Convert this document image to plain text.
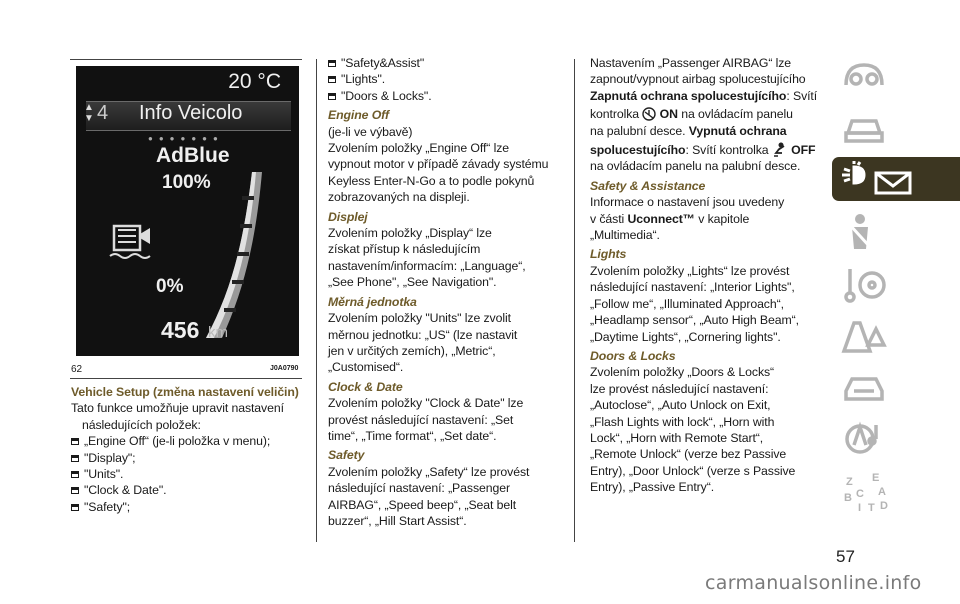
20 °C
▲
▼ 4 Info Veicolo
●●●●●●●
AdBlue
100%
0%
456 km
62	J0A0790

Vehicle Setup (změna nastavení veličin)

Tato funkce umožňuje upravit nastavení

následujících položek:

„Engine Off“ (je-li položka v menu);

"Display";

"Units".

"Clock & Date".

"Safety";

"Safety&Assist"

"Lights".

"Doors & Locks".

Engine Off

(je-li ve výbavě)

Zvolením položky „Engine Off“ lze

vypnout motor v případě závady systému

Keyless Enter-N-Go a to podle pokynů

zobrazovaných na displeji.

Displej

Zvolením položky „Display“ lze

získat přístup k následujícím

nastavením/informacím: „Language“,

„See Phone", „See Navigation".

Měrná jednotka

Zvolením položky "Units" lze zvolit

měrnou jednotku: „US“ (lze nastavit

jen v určitých zemích), „Metric“,

„Customised“.

Clock & Date

Zvolením položky "Clock & Date" lze

provést následující nastavení: „Set

time“, „Time format“, „Set date“.

Safety

Zvolením položky „Safety“ lze provést

následující nastavení: „Passenger

AIRBAG“, „Speed beep“, „Seat belt

buzzer“, „Hill Start Assist“.

Nastavením „Passenger AIRBAG“ lze

zapnout/vypnout airbag spolucestujícího

Zapnutá ochrana spolucestujícího: Svítí

kontrolka ON na ovládacím panelu

na palubní desce. Vypnutá ochrana

spolucestujícího: Svítí kontrolka OFF

na ovládacím panelu na palubní desce.

Safety & Assistance

Informace o nastavení jsou uvedeny

v části Uconnect™ v kapitole

„Multimedia“.

Lights

Zvolením položky „Lights“ lze provést

následující nastavení: „Interior Lights",

„Follow me“, „Illuminated Approach“,

„Headlamp sensor“, „Auto High Beam“,

„Daytime Lights“, „Cornering lights".

Doors & Locks

Zvolením položky „Doors & Locks“

lze provést následující nastavení:

„Autoclose“, „Auto Unlock on Exit,

„Flash Lights with lock“, „Horn with

Lock“, „Horn with Remote Start“,

„Remote Unlock“ (verze bez Passive

Entry), „Door Unlock“ (verze s Passive

Entry), „Passive Entry“.	Z E
B C A
I T D
57
carmanualsonline.info
